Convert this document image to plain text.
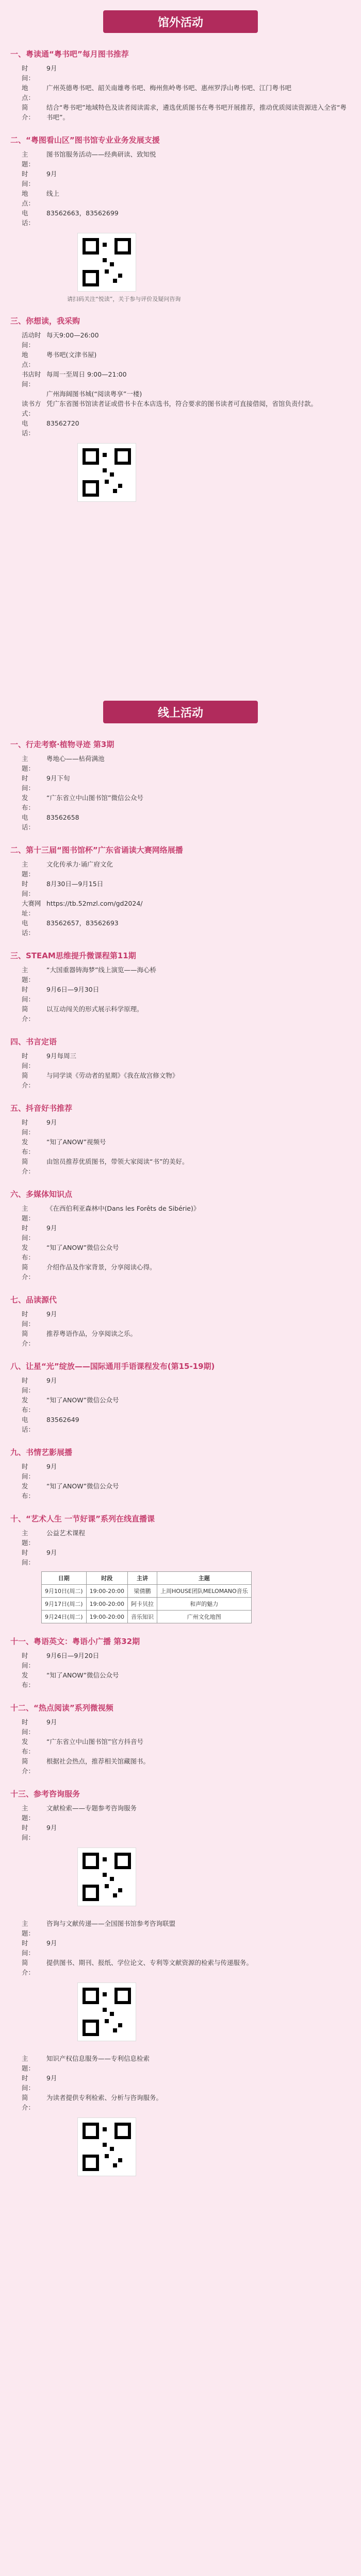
馆外活动
一、粤读通“粤书吧”每月图书推荐
时　间：
9月
地　点：
广州英德粤书吧、韶关南雄粤书吧、梅州焦岭粤书吧、惠州罗浮山粤书吧、江门粤书吧
简　介：
结合“粤书吧”地域特色及读者阅读需求，遴选优质图书在粤书吧开展推荐，推动优质阅读资源进入全省“粤书吧”。
二、“粤图看山区”图书馆专业业务发展支援
主　题：
图书馆服务活动——经典研读、致知悦
时　间：
9月
地　点：
线上
电　话：
83562663，83562699
请扫码关注“悦读”，关于参与评价及疑问咨询
三、你想读，我采购
活动时间：
每天9:00—26:00
地　点：
粤书吧(文津书屋)
书店时间：
每周一至周日 9:00—21:00
广州海阔图书城(“阅读粤享”一楼)
读书方式：
凭广东省图书馆读者证或借书卡在本店选书，符合要求的图书读者可直接借阅，省馆负责付款。
电　话：
83562720
线上活动
一、行走考察·植物寻迹 第3期
主　题：
粤地心——枯荷满池
时　间：
9月下旬
发　布：
“广东省立中山图书馆”微信公众号
电　话：
83562658
二、第十三届“图书馆杯”广东省诵读大赛网络展播
主　题：
文化传承力·诵广府文化
时　间：
8月30日—9月15日
大赛网址：
https://tb.52mzl.com/gd2024/
电　话：
83562657，83562693
三、STEAM思维提升微课程第11期
主　题：
“大国重器铸海梦”线上演览——海心桥
时　间：
9月6日—9月30日
简　介：
以互动闯关的形式展示科学原理。
四、书言定语
时　间：
9月每周三
简　介：
与同学谈《劳动者的星期》《我在故宫修文物》
五、抖音好书推荐
时　间：
9月
发　布：
“知了ANOW”视频号
简　介：
由馆员推荐优质图书，带领大家阅读“书”的美好。
六、多媒体知识点
主　题：
《在西伯利亚森林中(Dans les Forêts de Sibérie)》
时　间：
9月
发　布：
“知了ANOW”微信公众号
简　介：
介绍作品及作家背景，分享阅读心得。
七、品读源代
时　间：
9月
简　介：
推荐粤语作品，分享阅读之乐。
八、让星“光”绽放——国际通用手语课程发布(第15-19期)
时　间：
9月
发　布：
“知了ANOW”微信公众号
电　话：
83562649
九、书情艺影展播
时　间：
9月
发　布：
“知了ANOW”微信公众号
十、“艺术人生 一节好课”系列在线直播课
主　题：
公益艺术课程
时　间：
9月
日期	时段	主讲	主题
9月10日(周二)	19:00-20:00	梁倩鹏	上周HOUSE团队MELOMANO音乐
9月17日(周二)	19:00-20:00	阿卡贝拉	和声的魅力
9月24日(周二)	19:00-20:00	音乐知识	广州文化地图
十一、粤语英文：粤语小广播 第32期
时　间：
9月6日—9月20日
发　布：
“知了ANOW”微信公众号
十二、“热点阅读”系列微视频
时　间：
9月
发　布：
“广东省立中山图书馆”官方抖音号
简　介：
根据社会热点，推荐相关馆藏图书。
十三、参考咨询服务
主　题：
文献检索——专题参考咨询服务
时　间：
9月
主　题：
咨询与文献传递——全国图书馆参考咨询联盟
时　间：
9月
简　介：
提供图书、期刊、报纸、学位论文、专利等文献资源的检索与传递服务。
主　题：
知识产权信息服务——专利信息检索
时　间：
9月
简　介：
为读者提供专利检索、分析与咨询服务。
